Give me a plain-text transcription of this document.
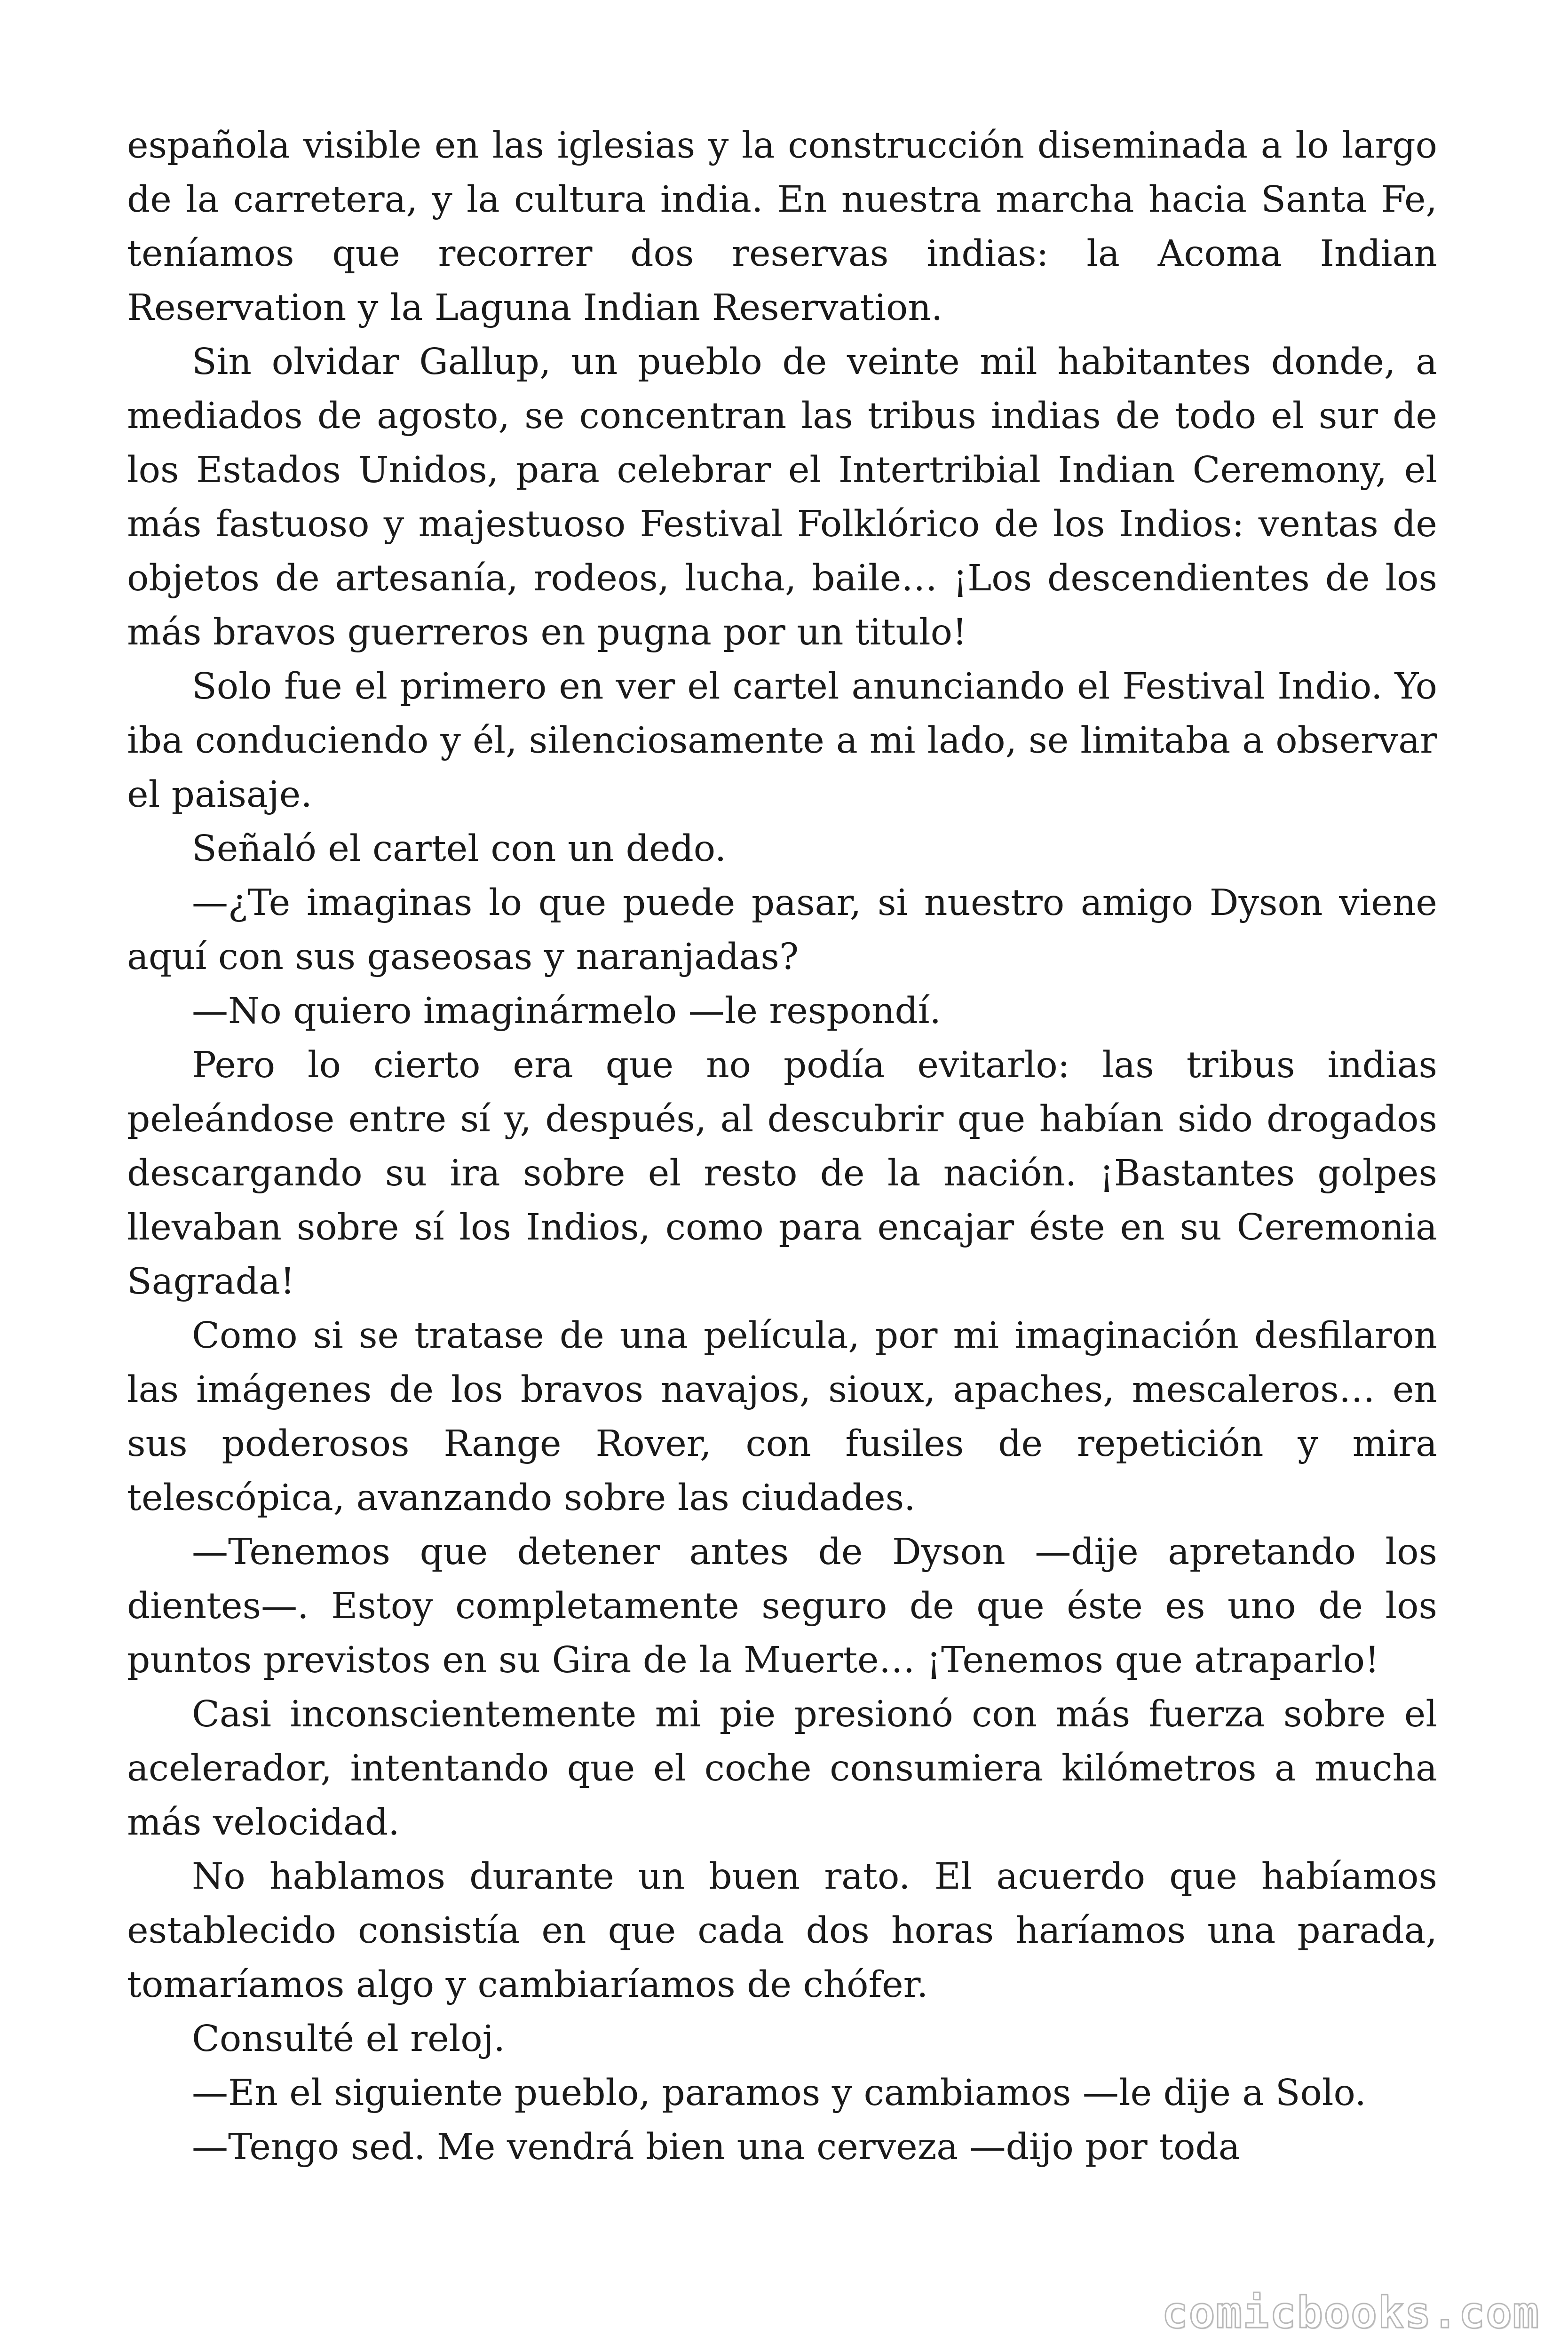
española visible en las iglesias y la construcción diseminada a lo largo de la carretera, y la cultura india. En nuestra marcha hacia Santa Fe, teníamos que recorrer dos reservas indias: la Acoma Indian Reservation y la Laguna Indian Reservation.

Sin olvidar Gallup, un pueblo de veinte mil habitantes donde, a mediados de agosto, se concentran las tribus indias de todo el sur de los Estados Unidos, para celebrar el Intertribial Indian Ceremony, el más fastuoso y majestuoso Festival Folklórico de los Indios: ventas de objetos de artesanía, rodeos, lucha, baile… ¡Los descendientes de los más bravos guerreros en pugna por un titulo!

Solo fue el primero en ver el cartel anunciando el Festival Indio. Yo iba conduciendo y él, silenciosamente a mi lado, se limitaba a observar el paisaje.

Señaló el cartel con un dedo.

—¿Te imaginas lo que puede pasar, si nuestro amigo Dyson viene aquí con sus gaseosas y naranjadas?

—No quiero imaginármelo —le respondí.

Pero lo cierto era que no podía evitarlo: las tribus indias peleándose entre sí y, después, al descubrir que habían sido drogados descargando su ira sobre el resto de la nación. ¡Bastantes golpes llevaban sobre sí los Indios, como para encajar éste en su Ceremonia Sagrada!

Como si se tratase de una película, por mi imaginación desfilaron las imágenes de los bravos navajos, sioux, apaches, mescaleros… en sus poderosos Range Rover, con fusiles de repetición y mira telescópica, avanzando sobre las ciudades.

—Tenemos que detener antes de Dyson —dije apretando los dientes—. Estoy completamente seguro de que éste es uno de los puntos previstos en su Gira de la Muerte… ¡Tenemos que atraparlo!

Casi inconscientemente mi pie presionó con más fuerza sobre el acelerador, intentando que el coche consumiera kilómetros a mucha más velocidad.

No hablamos durante un buen rato. El acuerdo que habíamos establecido consistía en que cada dos horas haríamos una parada, tomaríamos algo y cambiaríamos de chófer.

Consulté el reloj.

—En el siguiente pueblo, paramos y cambiamos —le dije a Solo.

—Tengo sed. Me vendrá bien una cerveza —dijo por toda

comicbooks.com
